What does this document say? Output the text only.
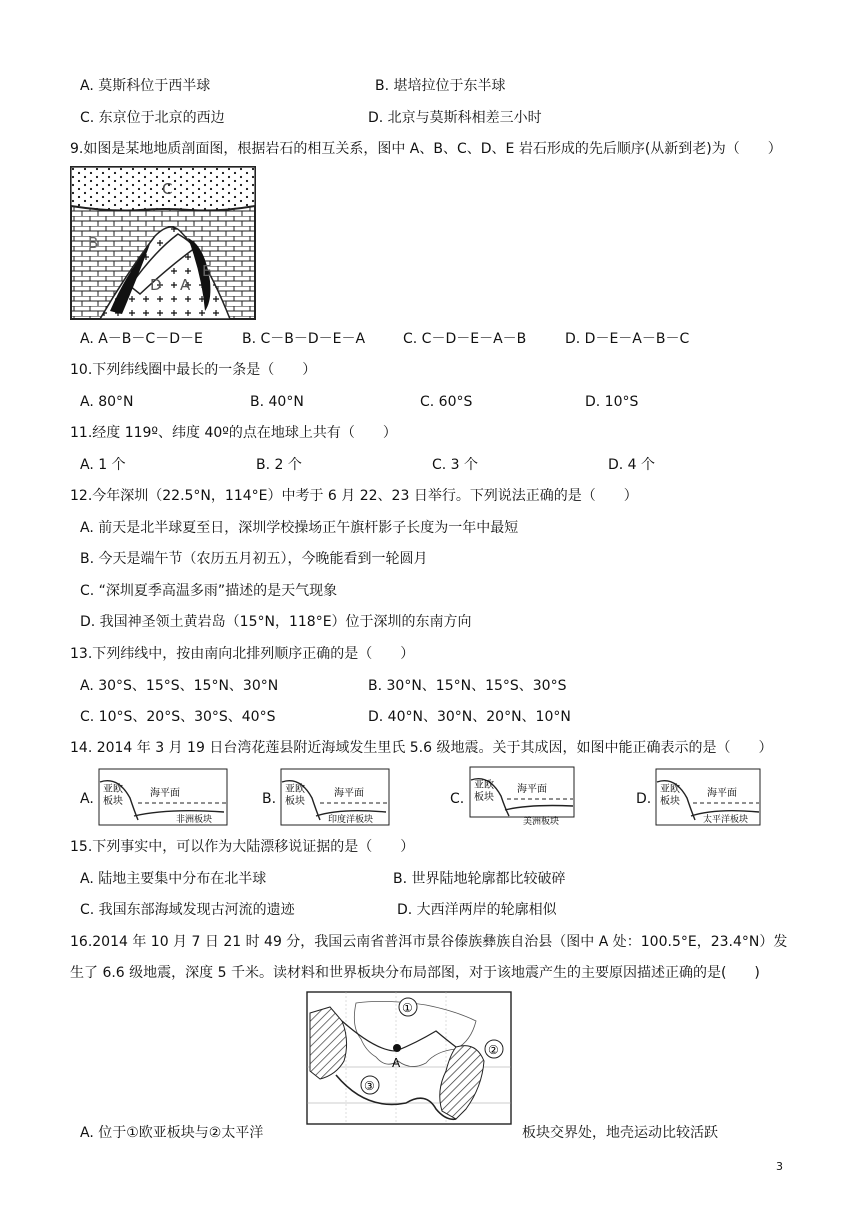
A. 莫斯科位于西半球	B. 堪培拉位于东半球
C. 东京位于北京的西边	D. 北京与莫斯科相差三小时
9.如图是某地地质剖面图，根据岩石的相互关系，图中 A、B、C、D、E 岩石形成的先后顺序(从新到老)为（　　）
C
B
D A
E
A. A－B－C－D－E	B. C－B－D－E－A	C. C－D－E－A－B	D. D－E－A－B－C
10.下列纬线圈中最长的一条是（　　）
A. 80°N	B. 40°N	C. 60°S	D. 10°S
11.经度 119º、纬度 40º的点在地球上共有（　　）
A. 1 个	B. 2 个	C. 3 个	D. 4 个
12.今年深圳（22.5°N，114°E）中考于 6 月 22、23 日举行。下列说法正确的是（　　）
A. 前天是北半球夏至日，深圳学校操场正午旗杆影子长度为一年中最短
B. 今天是端午节（农历五月初五），今晚能看到一轮圆月
C. “深圳夏季高温多雨”描述的是天气现象
D. 我国神圣领土黄岩岛（15°N，118°E）位于深圳的东南方向
13.下列纬线中，按由南向北排列顺序正确的是（　　）
A. 30°S、15°S、15°N、30°N	B. 30°N、15°N、15°S、30°S
C. 10°S、20°S、30°S、40°S	D. 40°N、30°N、20°N、10°N
14. 2014 年 3 月 19 日台湾花莲县附近海域发生里氏 5.6 级地震。关于其成因，如图中能正确表示的是（　　）
A.
亚欧
板块
海平面
非洲板块
B.
亚欧
板块
海平面
印度洋板块
C.
亚欧
板块
海平面
美洲板块
D.
亚欧
板块
海平面
太平洋板块
15.下列事实中，可以作为大陆漂移说证据的是（　　）
A. 陆地主要集中分布在北半球	B. 世界陆地轮廓都比较破碎
C. 我国东部海域发现古河流的遗迹	D. 大西洋两岸的轮廓相似
16.2014 年 10 月 7 日 21 时 49 分，我国云南省普洱市景谷傣族彝族自治县（图中 A 处：100.5°E，23.4°N）发
生了 6.6 级地震，深度 5 千米。读材料和世界板块分布局部图，对于该地震产生的主要原因描述正确的是(　　)
①
②
③
A
A. 位于①欧亚板块与②太平洋	板块交界处，地壳运动比较活跃
3
